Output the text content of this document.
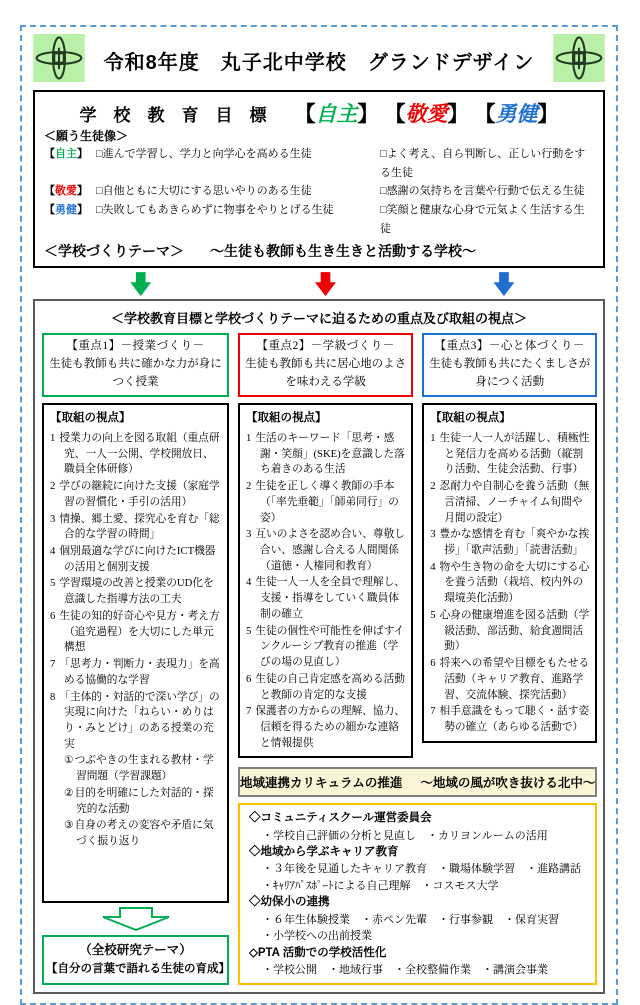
令和8年度　丸子北中学校　グランドデザイン
学　校　教　育　目　標 【自主】 【敬愛】 【勇健】
＜願う生徒像＞
【自主】 □進んで学習し、学力と向学心を高める生徒	□よく考え、自ら判断し、正しい行動をする生徒
【敬愛】 □自他ともに大切にする思いやりのある生徒	□感謝の気持ちを言葉や行動で伝える生徒
【勇健】 □失敗してもあきらめずに物事をやりとげる生徒	□笑顔と健康な心身で元気よく生活する生徒
＜学校づくりテーマ＞ ～生徒も教師も生き生きと活動する学校～
＜学校教育目標と学校づくりテーマに迫るための重点及び取組の視点＞
【重点1】－授業づくり－
生徒も教師も共に確かな力が身につく授業
【取組の視点】
1 授業力の向上を図る取組（重点研究、一人一公開、学校開放日、職員全体研修）
2 学びの継続に向けた支援（家庭学習の習慣化・手引の活用）
3 情操、郷土愛、探究心を育む「総合的な学習の時間」
4 個別最適な学びに向けたICT機器の活用と個別支援
5 学習環境の改善と授業のUD化を意識した指導方法の工夫
6 生徒の知的好奇心や見方・考え方（追究過程）を大切にした単元構想
7 「思考力・判断力・表現力」を高める協働的な学習
8 「主体的・対話的で深い学び」の実現に向けた「ねらい・めりはり・みとどけ」のある授業の充実
①つぶやきの生まれる教材・学習問題（学習課題）
②目的を明確にした対話的・探究的な活動
③自身の考えの変容や矛盾に気づく振り返り
（全校研究テーマ）
【自分の言葉で語れる生徒の育成】
【重点2】－学級づくり－
生徒も教師も共に居心地のよさを味わえる学級
【取組の視点】
1 生活のキーワード「思考・感謝・笑顔」(SKE)を意識した落ち着きのある生活
2 生徒を正しく導く教師の手本（「率先垂範」「師弟同行」の姿）
3 互いのよさを認め合い、尊敬し合い、感謝し合える人間関係（道徳・人権同和教育）
4 生徒一人一人を全員で理解し、支援・指導をしていく職員体制の確立
5 生徒の個性や可能性を伸ばすインクルーシブ教育の推進（学びの場の見直し）
6 生徒の自己肯定感を高める活動と教師の肯定的な支援
7 保護者の方からの理解、協力、信頼を得るための細かな連絡と情報提供
【重点3】－心と体づくり－
生徒も教師も共にたくましさが身につく活動
【取組の視点】
1 生徒一人一人が活躍し、積極性と発信力を高める活動（縦割り活動、生徒会活動、行事）
2 忍耐力や自制心を養う活動（無言清掃、ノーチャイム旬間や月間の設定）
3 豊かな感情を育む「爽やかな挨拶」「歌声活動」「読書活動」
4 物や生き物の命を大切にする心を養う活動（栽培、校内外の環境美化活動）
5 心身の健康増進を図る活動（学級活動、部活動、給食週間活動）
6 将来への希望や目標をもたせる活動（キャリア教育、進路学習、交流体験、探究活動）
7 相手意識をもって聴く・話す姿勢の確立（あらゆる活動で）
地域連携カリキュラムの推進 ～地域の風が吹き抜ける北中～
◇コミュニティスクール運営委員会
・学校自己評価の分析と見直し　・カリヨンルームの活用
◇地域から学ぶキャリア教育
・３年後を見通したキャリア教育　・職場体験学習　・進路講話
・ｷｬﾘｱﾊﾟｽﾎﾟｰﾄによる自己理解　・コスモス大学
◇幼保小の連携
・６年生体験授業　・赤ペン先輩　・行事参観　・保育実習
・小学校への出前授業
◇PTA 活動での学校活性化
・学校公開　・地域行事　・全校整備作業　・講演会事業
